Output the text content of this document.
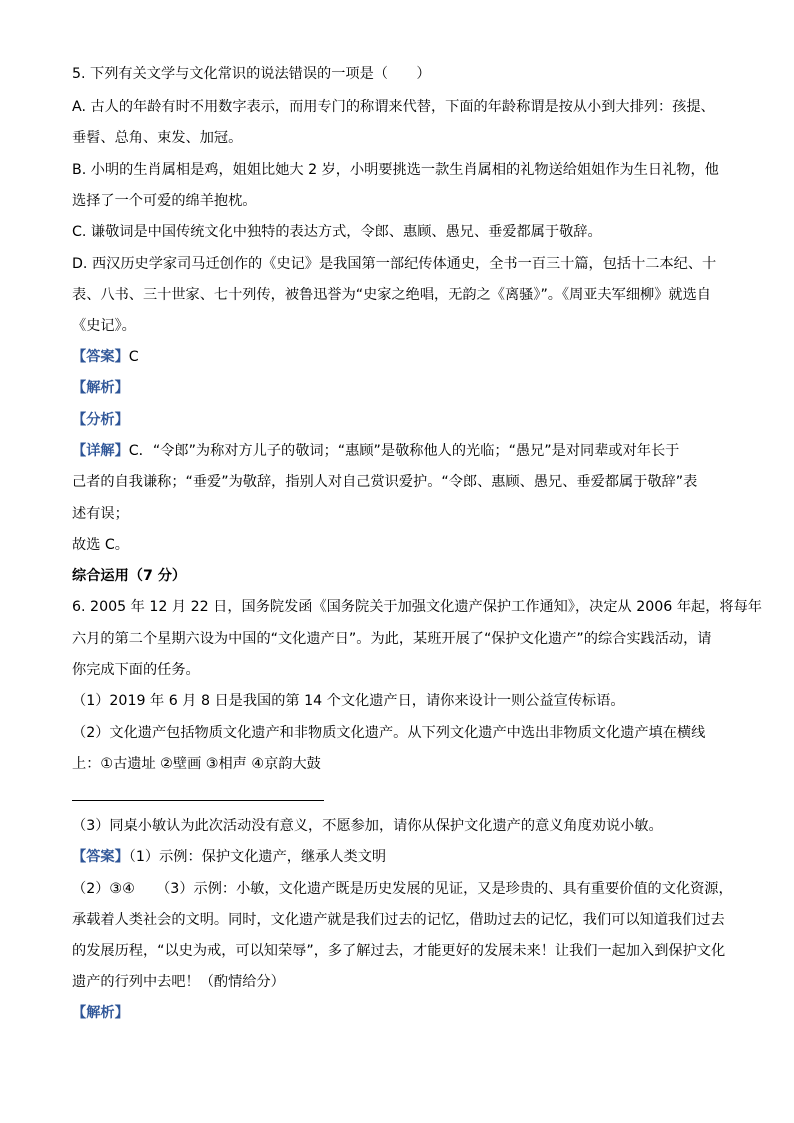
5. 下列有关文学与文化常识的说法错误的一项是（　　）
A. 古人的年龄有时不用数字表示，而用专门的称谓来代替，下面的年龄称谓是按从小到大排列：孩提、
垂髫、总角、束发、加冠。
B. 小明的生肖属相是鸡，姐姐比她大 2 岁，小明要挑选一款生肖属相的礼物送给姐姐作为生日礼物，他
选择了一个可爱的绵羊抱枕。
C. 谦敬词是中国传统文化中独特的表达方式，令郎、惠顾、愚兄、垂爱都属于敬辞。
D. 西汉历史学家司马迁创作的《史记》是我国第一部纪传体通史，全书一百三十篇，包括十二本纪、十
表、八书、三十世家、七十列传，被鲁迅誉为“史家之绝唱，无韵之《离骚》”。《周亚夫军细柳》就选自
《史记》。
【答案】C
【解析】
【分析】
【详解】C．“令郎”为称对方儿子的敬词；“惠顾”是敬称他人的光临；“愚兄”是对同辈或对年长于
己者的自我谦称；“垂爱”为敬辞，指别人对自己赏识爱护。“令郎、惠顾、愚兄、垂爱都属于敬辞”表
述有误；
故选 C。
综合运用（7 分）
6. 2005 年 12 月 22 日，国务院发函《国务院关于加强文化遗产保护工作通知》，决定从 2006 年起，将每年
六月的第二个星期六设为中国的“文化遗产日”。为此，某班开展了“保护文化遗产”的综合实践活动，请
你完成下面的任务。
（1）2019 年 6 月 8 日是我国的第 14 个文化遗产日，请你来设计一则公益宣传标语。
（2）文化遗产包括物质文化遗产和非物质文化遗产。从下列文化遗产中选出非物质文化遗产填在横线
上：①古遗址 ②壁画 ③相声 ④京韵大鼓
（3）同桌小敏认为此次活动没有意义，不愿参加，请你从保护文化遗产的意义角度劝说小敏。
【答案】（1）示例：保护文化遗产，继承人类文明
（2）③④　　（3）示例：小敏，文化遗产既是历史发展的见证，又是珍贵的、具有重要价值的文化资源，
承载着人类社会的文明。同时，文化遗产就是我们过去的记忆，借助过去的记忆，我们可以知道我们过去
的发展历程，“以史为戒，可以知荣辱”，多了解过去，才能更好的发展未来！让我们一起加入到保护文化
遗产的行列中去吧！（酌情给分）
【解析】
